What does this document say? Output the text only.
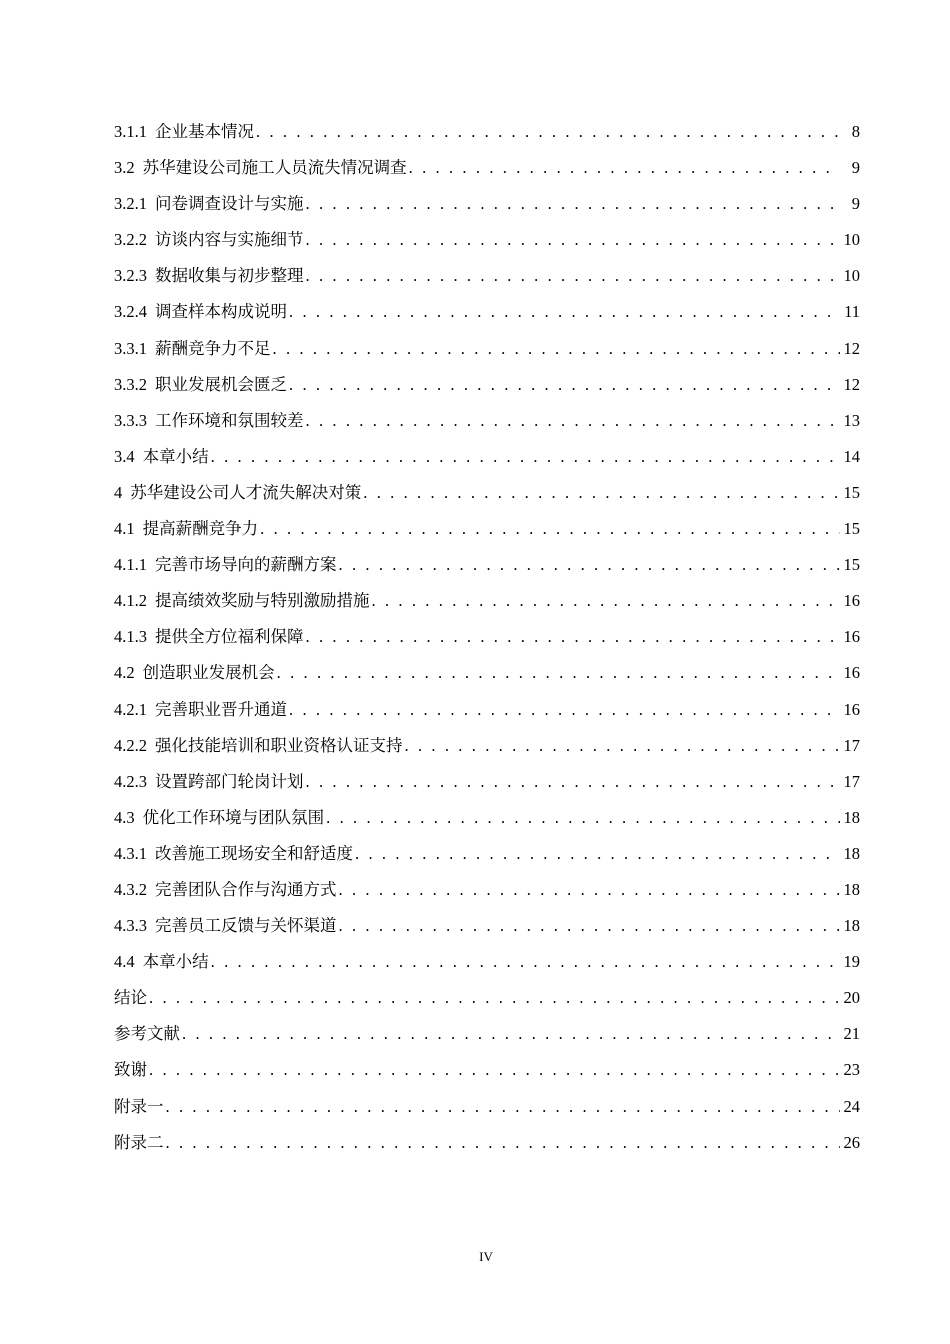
3.1.1 企业基本情况 . . .	8
3.2 苏华建设公司施工人员流失情况调查 . . .	9
3.2.1 问卷调查设计与实施 . . .	9
3.2.2 访谈内容与实施细节 . . .	10
3.2.3 数据收集与初步整理 . . .	10
3.2.4 调查样本构成说明 . . .	11
3.3.1 薪酬竞争力不足 . . .	12
3.3.2 职业发展机会匮乏 . . .	12
3.3.3 工作环境和氛围较差 . . .	13
3.4 本章小结 . . .	14
4 苏华建设公司人才流失解决对策 . . .	15
4.1 提高薪酬竞争力 . . .	15
4.1.1 完善市场导向的薪酬方案 . . .	15
4.1.2 提高绩效奖励与特别激励措施 . . .	16
4.1.3 提供全方位福利保障 . . .	16
4.2 创造职业发展机会 . . .	16
4.2.1 完善职业晋升通道 . . .	16
4.2.2 强化技能培训和职业资格认证支持 . . .	17
4.2.3 设置跨部门轮岗计划 . . .	17
4.3 优化工作环境与团队氛围 . . .	18
4.3.1 改善施工现场安全和舒适度 . . .	18
4.3.2 完善团队合作与沟通方式 . . .	18
4.3.3 完善员工反馈与关怀渠道 . . .	18
4.4 本章小结 . . .	19
结论 . . .	20
参考文献 . . .	21
致谢 . . .	23
附录一 . . .	24
附录二 . . .	26
IV
